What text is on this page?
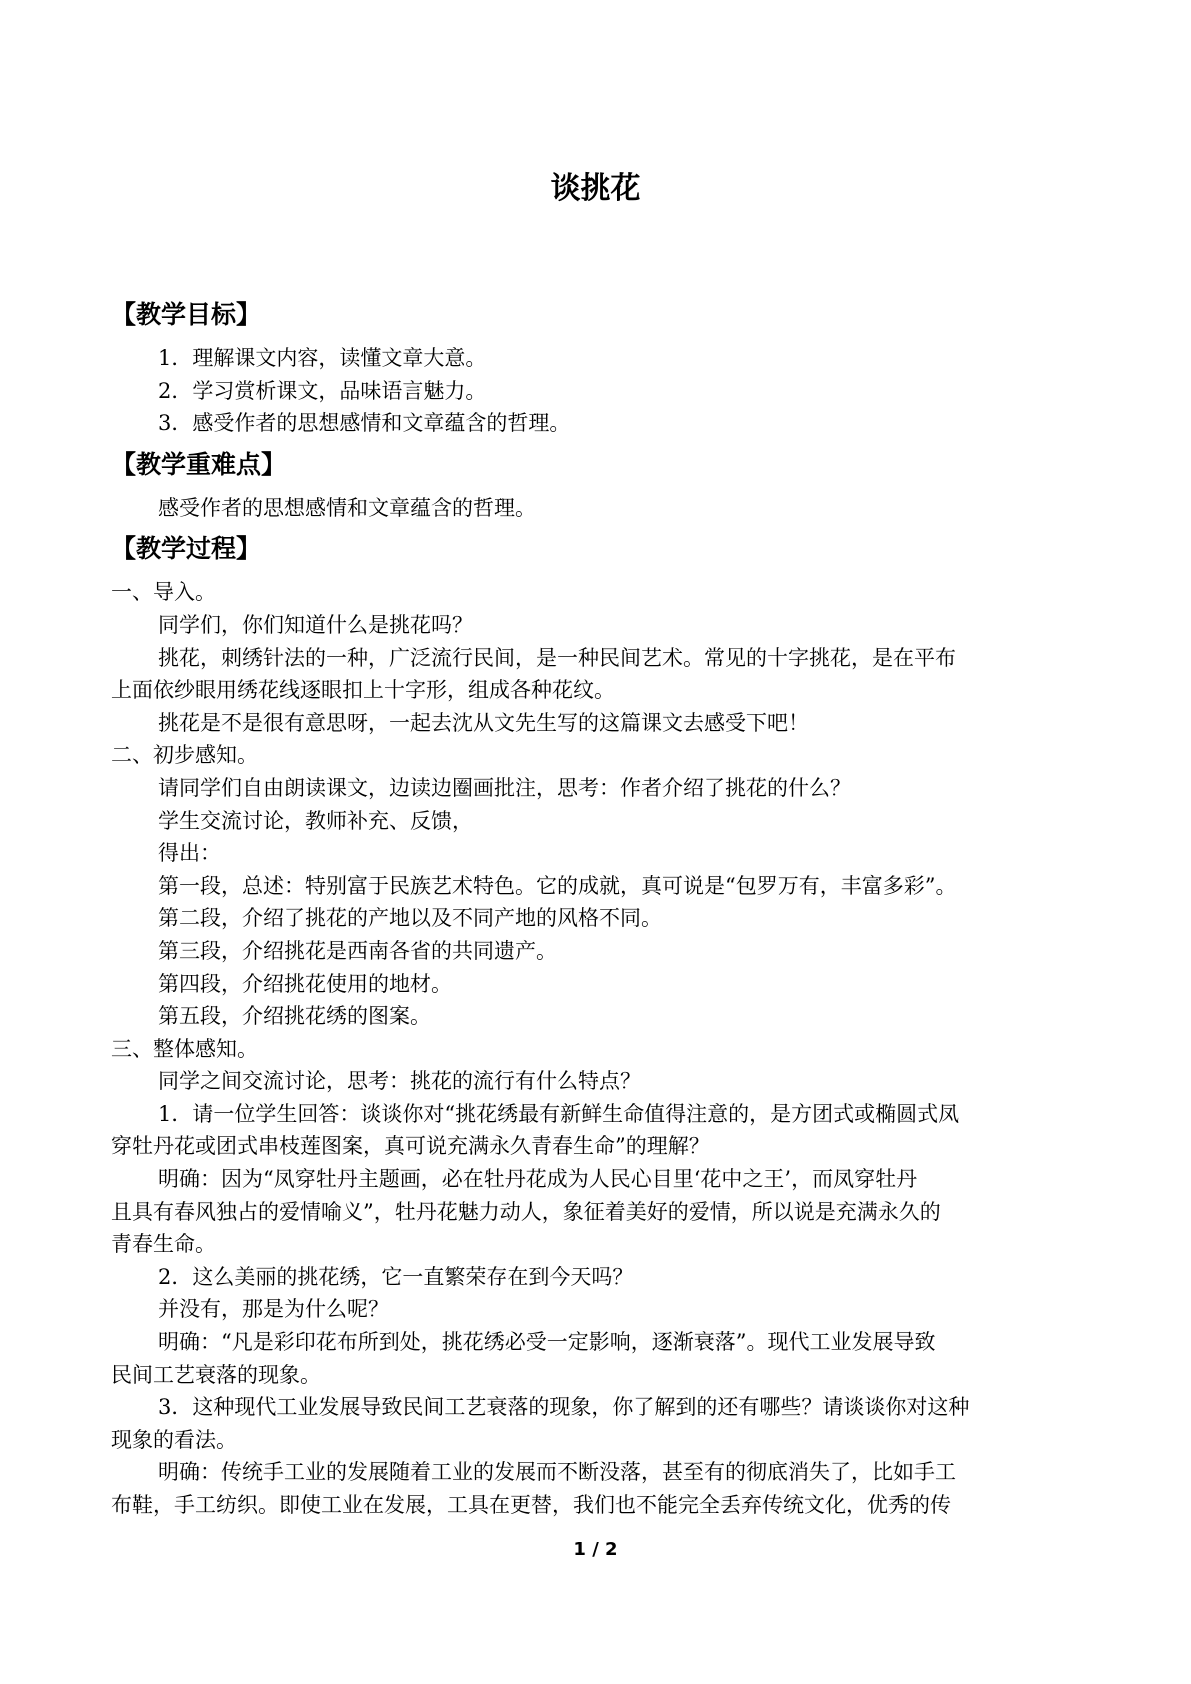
谈挑花
【教学目标】
1．理解课文内容，读懂文章大意。
2．学习赏析课文，品味语言魅力。
3．感受作者的思想感情和文章蕴含的哲理。
【教学重难点】
感受作者的思想感情和文章蕴含的哲理。
【教学过程】
一、导入。
同学们，你们知道什么是挑花吗？
挑花，刺绣针法的一种，广泛流行民间，是一种民间艺术。常见的十字挑花，是在平布
上面依纱眼用绣花线逐眼扣上十字形，组成各种花纹。
挑花是不是很有意思呀，一起去沈从文先生写的这篇课文去感受下吧！
二、初步感知。
请同学们自由朗读课文，边读边圈画批注，思考：作者介绍了挑花的什么？
学生交流讨论，教师补充、反馈，
得出：
第一段，总述：特别富于民族艺术特色。它的成就，真可说是“包罗万有，丰富多彩”。
第二段，介绍了挑花的产地以及不同产地的风格不同。
第三段，介绍挑花是西南各省的共同遗产。
第四段，介绍挑花使用的地材。
第五段，介绍挑花绣的图案。
三、整体感知。
同学之间交流讨论，思考：挑花的流行有什么特点？
1．请一位学生回答：谈谈你对“挑花绣最有新鲜生命值得注意的，是方团式或椭圆式凤
穿牡丹花或团式串枝莲图案，真可说充满永久青春生命”的理解？
明确：因为“凤穿牡丹主题画，必在牡丹花成为人民心目里‘花中之王’，而凤穿牡丹
且具有春风独占的爱情喻义”，牡丹花魅力动人，象征着美好的爱情，所以说是充满永久的
青春生命。
2．这么美丽的挑花绣，它一直繁荣存在到今天吗？
并没有，那是为什么呢？
明确：“凡是彩印花布所到处，挑花绣必受一定影响，逐渐衰落”。现代工业发展导致
民间工艺衰落的现象。
3．这种现代工业发展导致民间工艺衰落的现象，你了解到的还有哪些？请谈谈你对这种
现象的看法。
明确：传统手工业的发展随着工业的发展而不断没落，甚至有的彻底消失了，比如手工
布鞋，手工纺织。即使工业在发展，工具在更替，我们也不能完全丢弃传统文化，优秀的传
1 / 2
